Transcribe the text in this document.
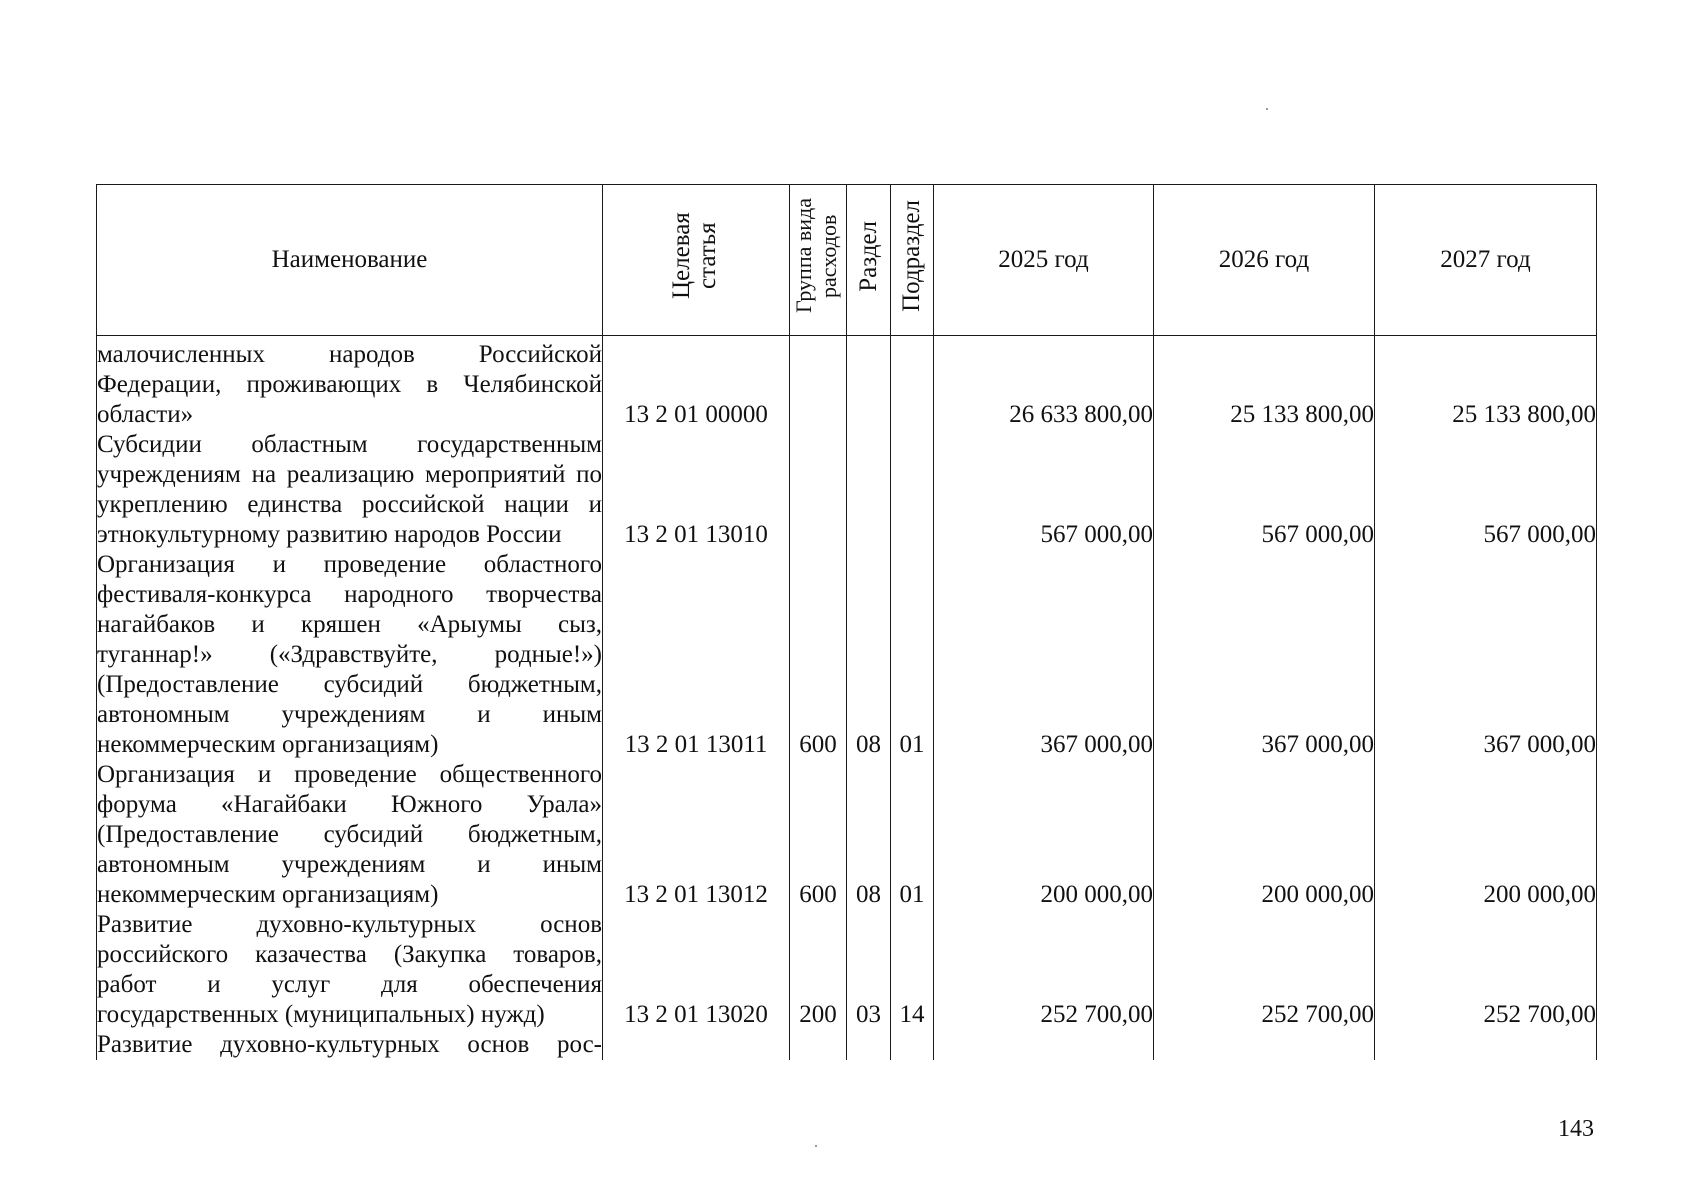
Наименование	Целевая статья	Группа вида расходов	Раздел	Подраздел	2025 год	2026 год	2027 год
малочисленных народов Российской Федерации, проживающих в Челябинской области»	13 2 01 00000				26 633 800,00	25 133 800,00	25 133 800,00
Субсидии областным государственным учреждениям на реализацию мероприятий по укреплению единства российской нации и этнокультурному развитию народов России	13 2 01 13010				567 000,00	567 000,00	567 000,00
Организация и проведение областного фестиваля-конкурса народного творчества нагайбаков и кряшен «Арыумы сыз, туганнар!» («Здравствуйте, родные!») (Предоставление субсидий бюджетным, автономным учреждениям и иным некоммерческим организациям)	13 2 01 13011	600	08	01	367 000,00	367 000,00	367 000,00
Организация и проведение общественного форума «Нагайбаки Южного Урала» (Предоставление субсидий бюджетным, автономным учреждениям и иным некоммерческим организациям)	13 2 01 13012	600	08	01	200 000,00	200 000,00	200 000,00
Развитие духовно-культурных основ российского казачества (Закупка товаров, работ и услуг для обеспечения государственных (муниципальных) нужд)	13 2 01 13020	200	03	14	252 700,00	252 700,00	252 700,00
Развитие духовно-культурных основ рос-							
143
